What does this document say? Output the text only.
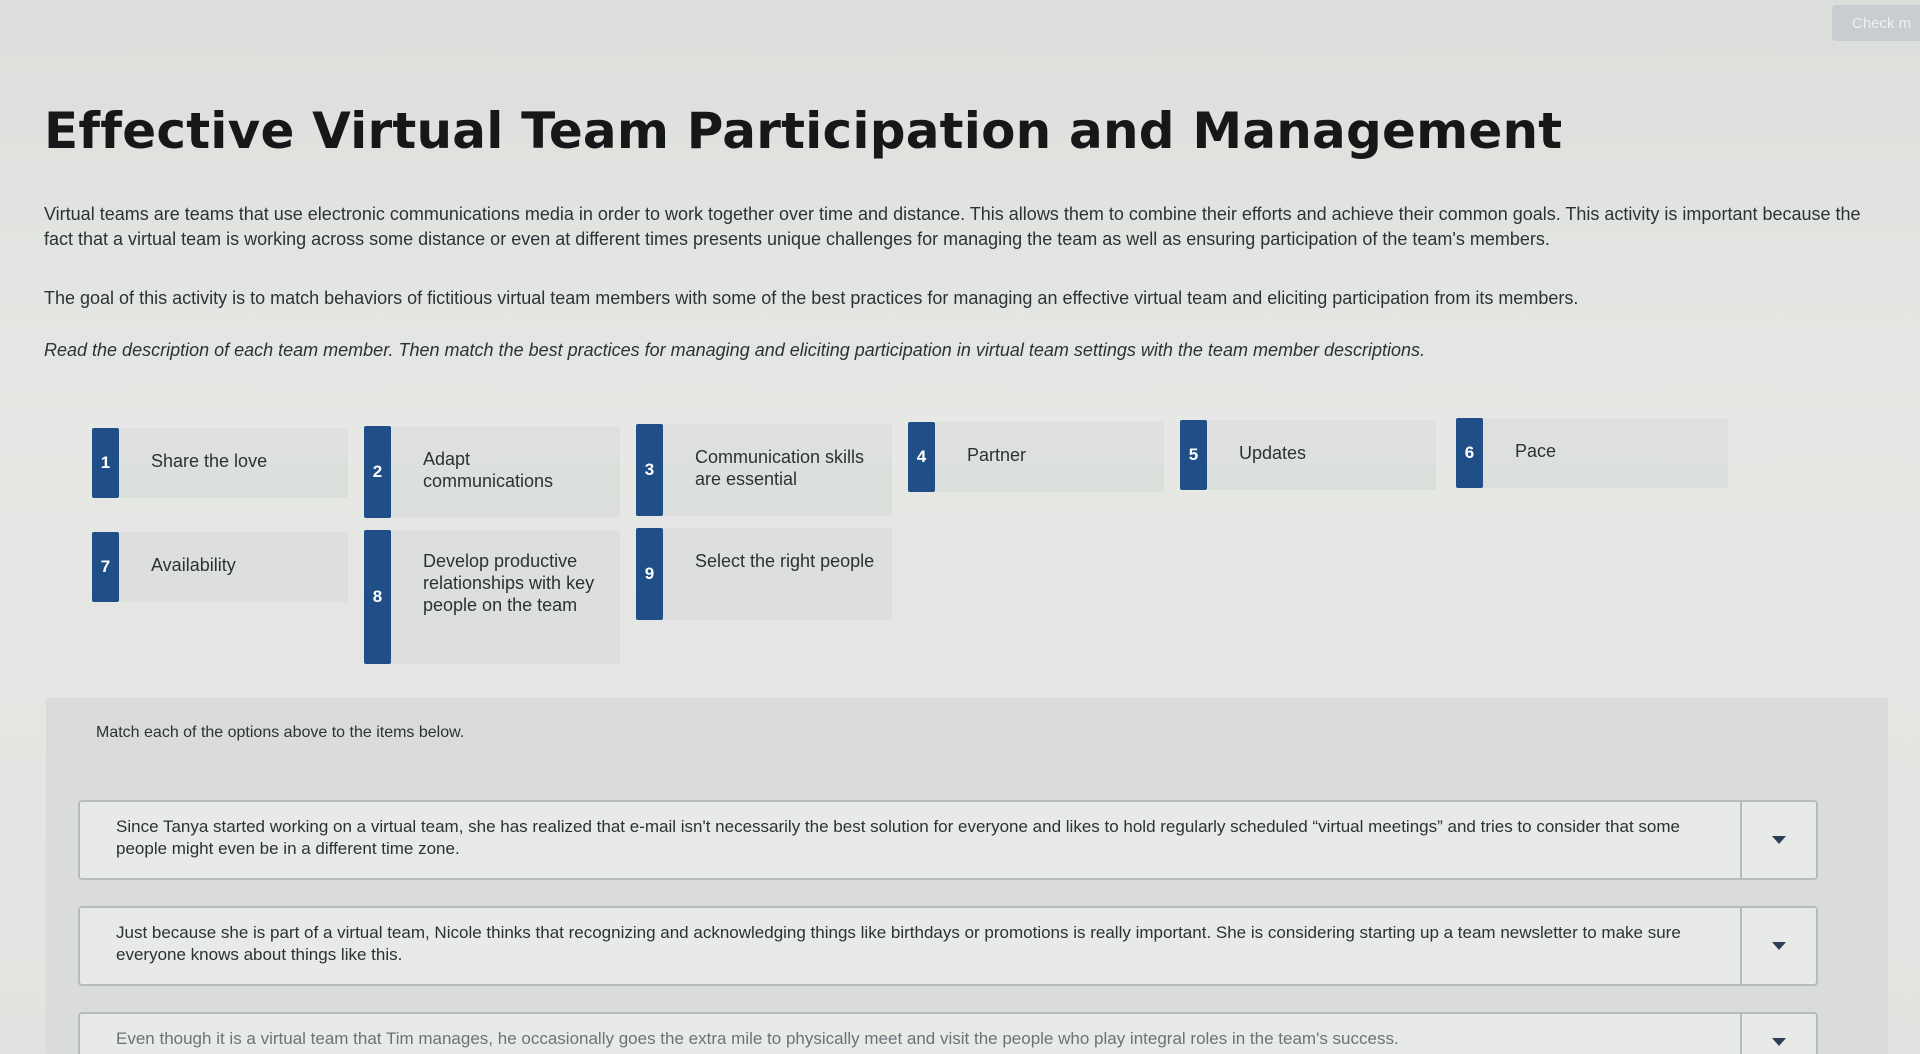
Check m
Effective Virtual Team Participation and Management

Virtual teams are teams that use electronic communications media in order to work together over time and distance. This allows them to combine their efforts and achieve their common goals. This activity is important because the fact that a virtual team is working across some distance or even at different times presents unique challenges for managing the team as well as ensuring participation of the team's members.

The goal of this activity is to match behaviors of fictitious virtual team members with some of the best practices for managing an effective virtual team and eliciting participation from its members.

Read the description of each team member. Then match the best practices for managing and eliciting participation in virtual team settings with the team member descriptions.

1	Share the love
2
Adapt communications
3
Communication skills are essential
4	Partner	5	Updates	6	Pace
7	Availability
8
Develop productive relationships with key people on the team
9
Select the right people
Match each of the options above to the items below.
Since Tanya started working on a virtual team, she has realized that e-mail isn't necessarily the best solution for everyone and likes to hold regularly scheduled “virtual meetings” and tries to consider that some people might even be in a different time zone.
Just because she is part of a virtual team, Nicole thinks that recognizing and acknowledging things like birthdays or promotions is really important. She is considering starting up a team newsletter to make sure everyone knows about things like this.
Even though it is a virtual team that Tim manages, he occasionally goes the extra mile to physically meet and visit the people who play integral roles in the team's success.
